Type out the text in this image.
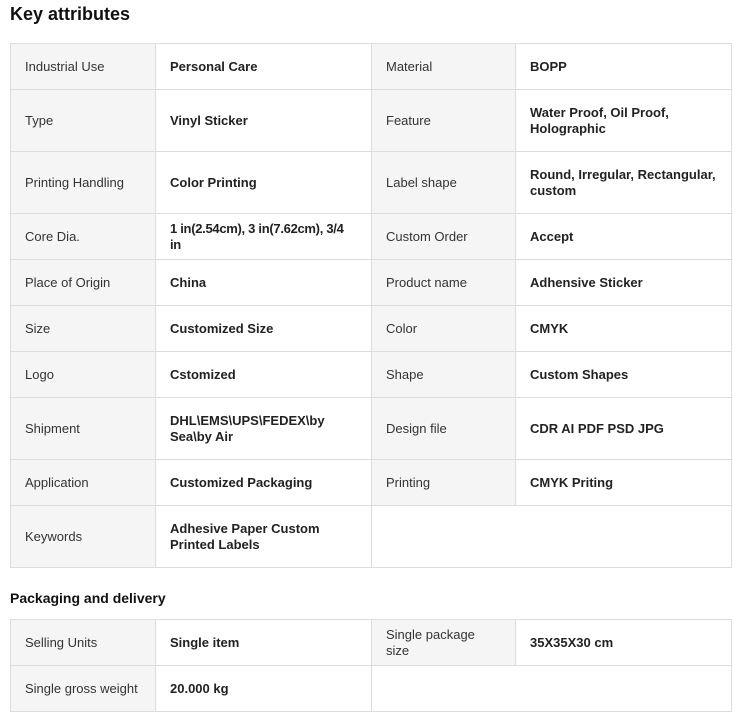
Key attributes
Industrial Use	Personal Care	Material	BOPP
Type	Vinyl Sticker	Feature	Water Proof, Oil Proof, Holographic
Printing Handling	Color Printing	Label shape	Round, Irregular, Rectangular, custom
Core Dia.	1 in(2.54cm), 3 in(7.62cm), 3/4 in	Custom Order	Accept
Place of Origin	China	Product name	Adhensive Sticker
Size	Customized Size	Color	CMYK
Logo	Cstomized	Shape	Custom Shapes
Shipment	DHL\EMS\UPS\FEDEX\by Sea\by Air	Design file	CDR AI PDF PSD JPG
Application	Customized Packaging	Printing	CMYK Priting
Keywords	Adhesive Paper Custom Printed Labels		
Packaging and delivery
Selling Units	Single item	Single package size	35X35X30 cm
Single gross weight	20.000 kg		
